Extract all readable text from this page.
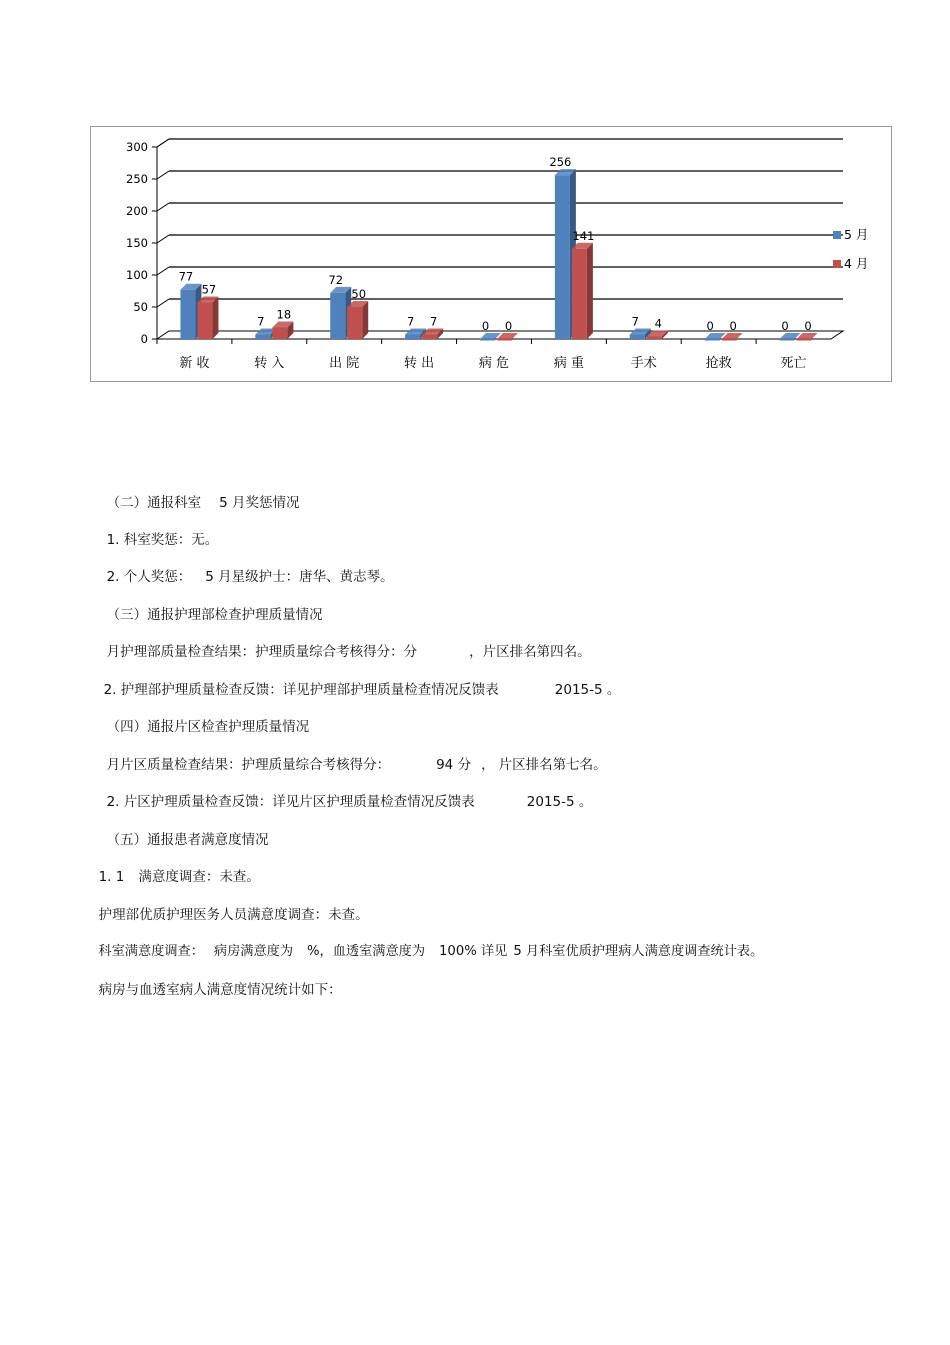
0
50
100
150
200
250
300
新 收
77
57
转 入
7
18
出 院
72
50
转 出
7 7
病 危
0 0
病 重
256
141
手术
7 4
抢救
0 0
死亡
0 0
5 月
4 月

（二）通报科室 5 月奖惩情况

1. 科室奖惩：无。

2. 个人奖惩： 5 月星级护士：唐华、黄志琴。

（三）通报护理部检查护理质量情况

月护理部质量检查结果：护理质量综合考核得分：分	，片区排名第四名。

2. 护理部护理质量检查反馈：详见护理部护理质量检查情况反馈表	2015-5 。

（四）通报片区检查护理质量情况

月片区质量检查结果：护理质量综合考核得分：	94 分 ， 片区排名第七名。

2. 片区护理质量检查反馈：详见片区护理质量检查情况反馈表	2015-5 。

（五）通报患者满意度情况

1. 1 满意度调查：未查。

护理部优质护理医务人员满意度调查：未查。

科室满意度调查： 病房满意度为 %，血透室满意度为 100% 详见 5 月科室优质护理病人满意度调查统计表。

病房与血透室病人满意度情况统计如下：
